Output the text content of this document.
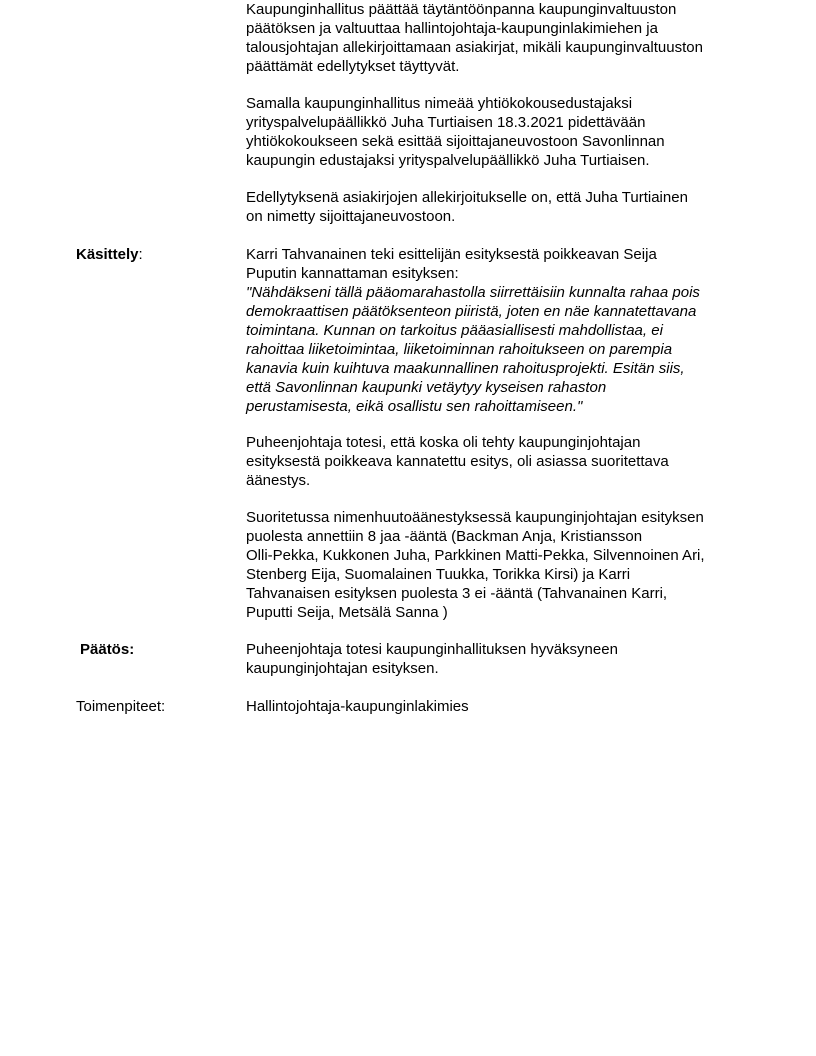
Kaupunginhallitus päättää täytäntöönpanna kaupunginvaltuuston

päätöksen ja valtuuttaa hallintojohtaja-kaupunginlakimiehen ja

talousjohtajan allekirjoittamaan asiakirjat, mikäli kaupunginvaltuuston

päättämät edellytykset täyttyvät.

Samalla kaupunginhallitus nimeää yhtiökokousedustajaksi

yrityspalvelupäällikkö Juha Turtiaisen 18.3.2021 pidettävään

yhtiökokoukseen sekä esittää sijoittajaneuvostoon Savonlinnan

kaupungin edustajaksi yrityspalvelupäällikkö Juha Turtiaisen.

Edellytyksenä asiakirjojen allekirjoitukselle on, että Juha Turtiainen

on nimetty sijoittajaneuvostoon.

Käsittely:	Karri Tahvanainen teki esittelijän esityksestä poikkeavan Seija

Puputin kannattaman esityksen:

"Nähdäkseni tällä pääomarahastolla siirrettäisiin kunnalta rahaa pois

demokraattisen päätöksenteon piiristä, joten en näe kannatettavana

toimintana. Kunnan on tarkoitus pääasiallisesti mahdollistaa, ei

rahoittaa liiketoimintaa, liiketoiminnan rahoitukseen on parempia

kanavia kuin kuihtuva maakunnallinen rahoitusprojekti. Esitän siis,

että Savonlinnan kaupunki vetäytyy kyseisen rahaston

perustamisesta, eikä osallistu sen rahoittamiseen."

Puheenjohtaja totesi, että koska oli tehty kaupunginjohtajan

esityksestä poikkeava kannatettu esitys, oli asiassa suoritettava

äänestys.

Suoritetussa nimenhuutoäänestyksessä kaupunginjohtajan esityksen

puolesta annettiin 8 jaa -ääntä (Backman Anja, Kristiansson

Olli-Pekka, Kukkonen Juha, Parkkinen Matti-Pekka, Silvennoinen Ari,

Stenberg Eija, Suomalainen Tuukka, Torikka Kirsi) ja Karri

Tahvanaisen esityksen puolesta 3 ei -ääntä (Tahvanainen Karri,

Puputti Seija, Metsälä Sanna )

Päätös:	Puheenjohtaja totesi kaupunginhallituksen hyväksyneen

kaupunginjohtajan esityksen.

Toimenpiteet:	Hallintojohtaja-kaupunginlakimies
